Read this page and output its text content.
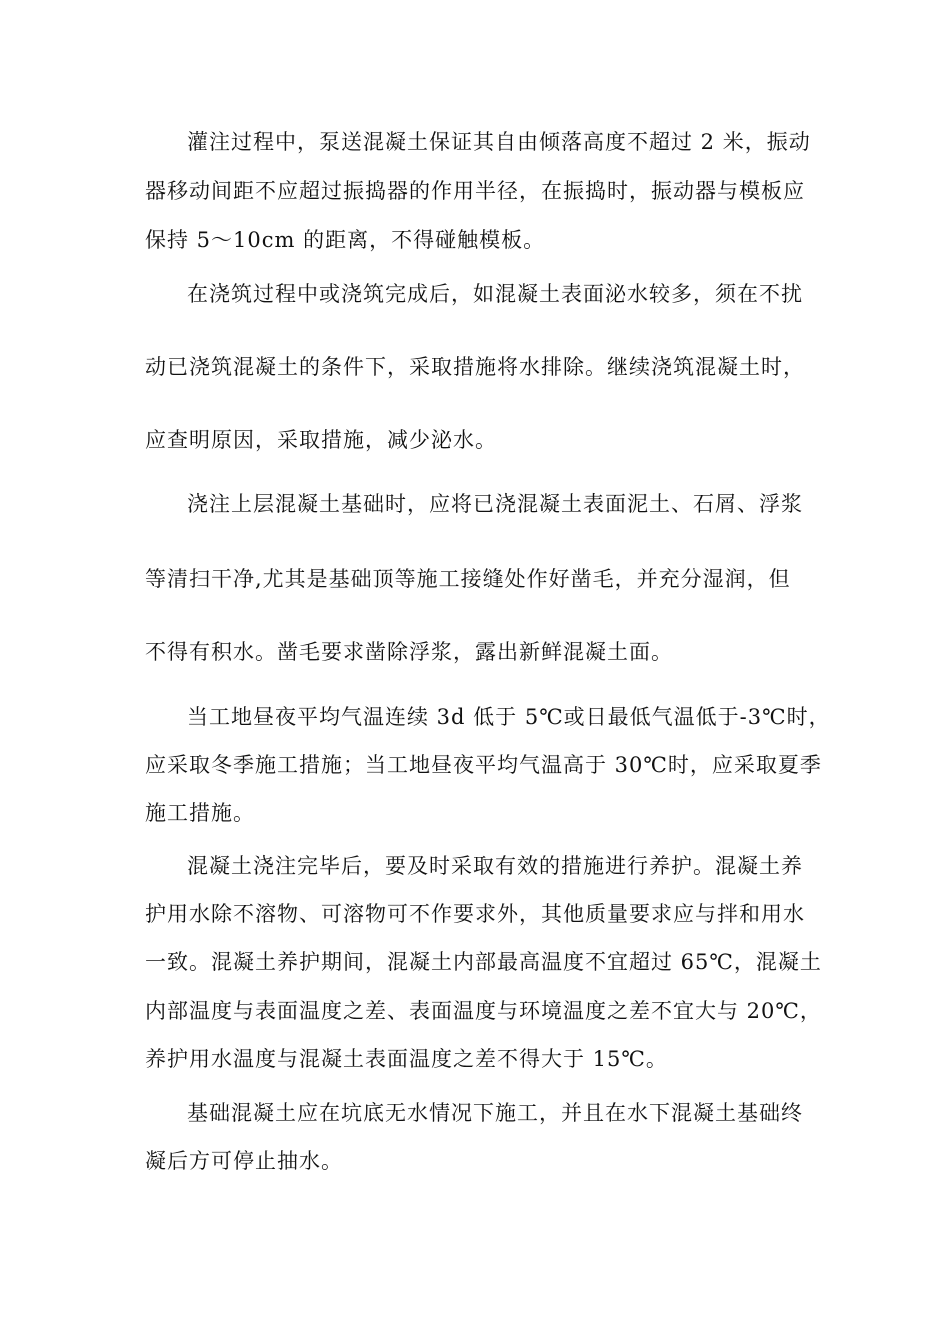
灌注过程中，泵送混凝土保证其自由倾落高度不超过 2 米，振动
器移动间距不应超过振捣器的作用半径，在振捣时，振动器与模板应
保持 5～10cm 的距离，不得碰触模板。
在浇筑过程中或浇筑完成后，如混凝土表面泌水较多，须在不扰
动已浇筑混凝土的条件下，采取措施将水排除。继续浇筑混凝土时，
应查明原因，采取措施，减少泌水。
浇注上层混凝土基础时，应将已浇混凝土表面泥土、石屑、浮浆
等清扫干净,尤其是基础顶等施工接缝处作好凿毛，并充分湿润，但
不得有积水。凿毛要求凿除浮浆，露出新鲜混凝土面。
当工地昼夜平均气温连续 3d 低于 5℃或日最低气温低于-3℃时，
应采取冬季施工措施；当工地昼夜平均气温高于 30℃时，应采取夏季
施工措施。
混凝土浇注完毕后，要及时采取有效的措施进行养护。混凝土养
护用水除不溶物、可溶物可不作要求外，其他质量要求应与拌和用水
一致。混凝土养护期间，混凝土内部最高温度不宜超过 65℃，混凝土
内部温度与表面温度之差、表面温度与环境温度之差不宜大与 20℃，
养护用水温度与混凝土表面温度之差不得大于 15℃。
基础混凝土应在坑底无水情况下施工，并且在水下混凝土基础终
凝后方可停止抽水。
